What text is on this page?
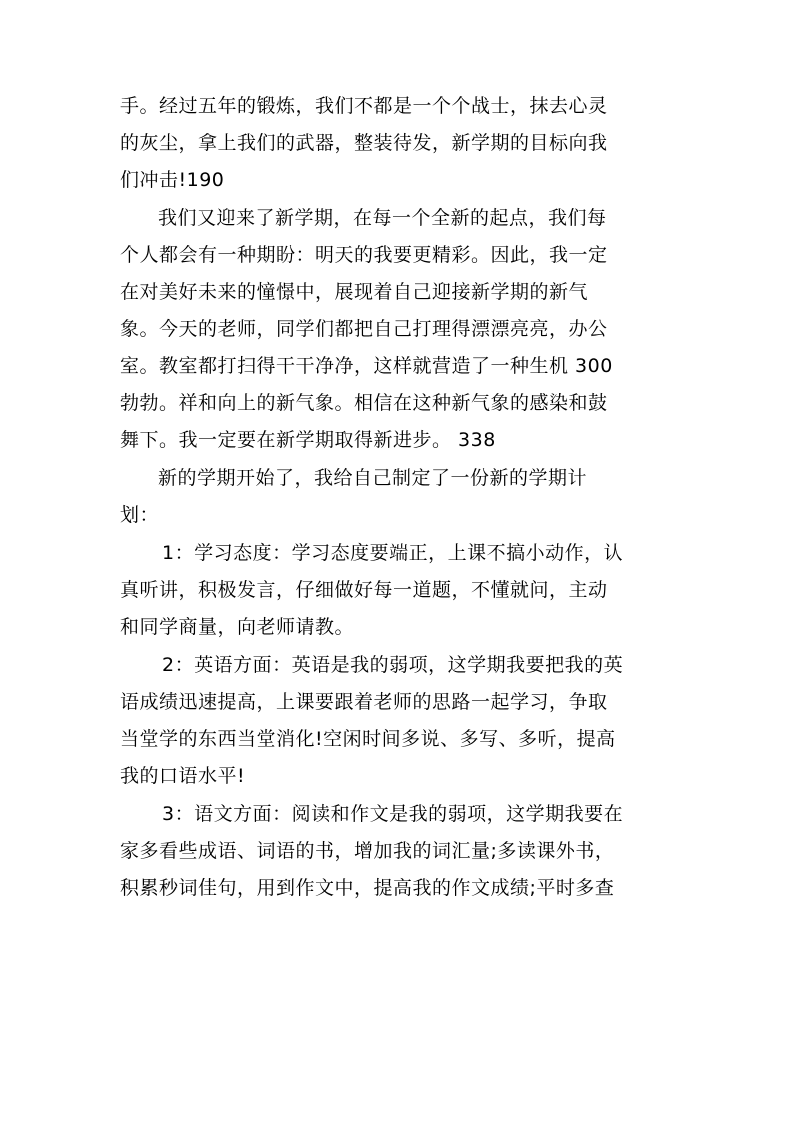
手。经过五年的锻炼，我们不都是一个个战士，抹去心灵
的灰尘，拿上我们的武器，整装待发，新学期的目标向我
们冲击!190
我们又迎来了新学期，在每一个全新的起点，我们每
个人都会有一种期盼：明天的我要更精彩。因此，我一定
在对美好未来的憧憬中，展现着自己迎接新学期的新气
象。今天的老师，同学们都把自己打理得漂漂亮亮，办公
室。教室都打扫得干干净净，这样就营造了一种生机 300
勃勃。祥和向上的新气象。相信在这种新气象的感染和鼓
舞下。我一定要在新学期取得新进步。 338
新的学期开始了，我给自己制定了一份新的学期计
划：
1：学习态度：学习态度要端正，上课不搞小动作，认
真听讲，积极发言，仔细做好每一道题，不懂就问，主动
和同学商量，向老师请教。
2：英语方面：英语是我的弱项，这学期我要把我的英
语成绩迅速提高，上课要跟着老师的思路一起学习，争取
当堂学的东西当堂消化!空闲时间多说、多写、多听，提高
我的口语水平!
3：语文方面：阅读和作文是我的弱项，这学期我要在
家多看些成语、词语的书，增加我的词汇量;多读课外书，
积累秒词佳句，用到作文中，提高我的作文成绩;平时多查
